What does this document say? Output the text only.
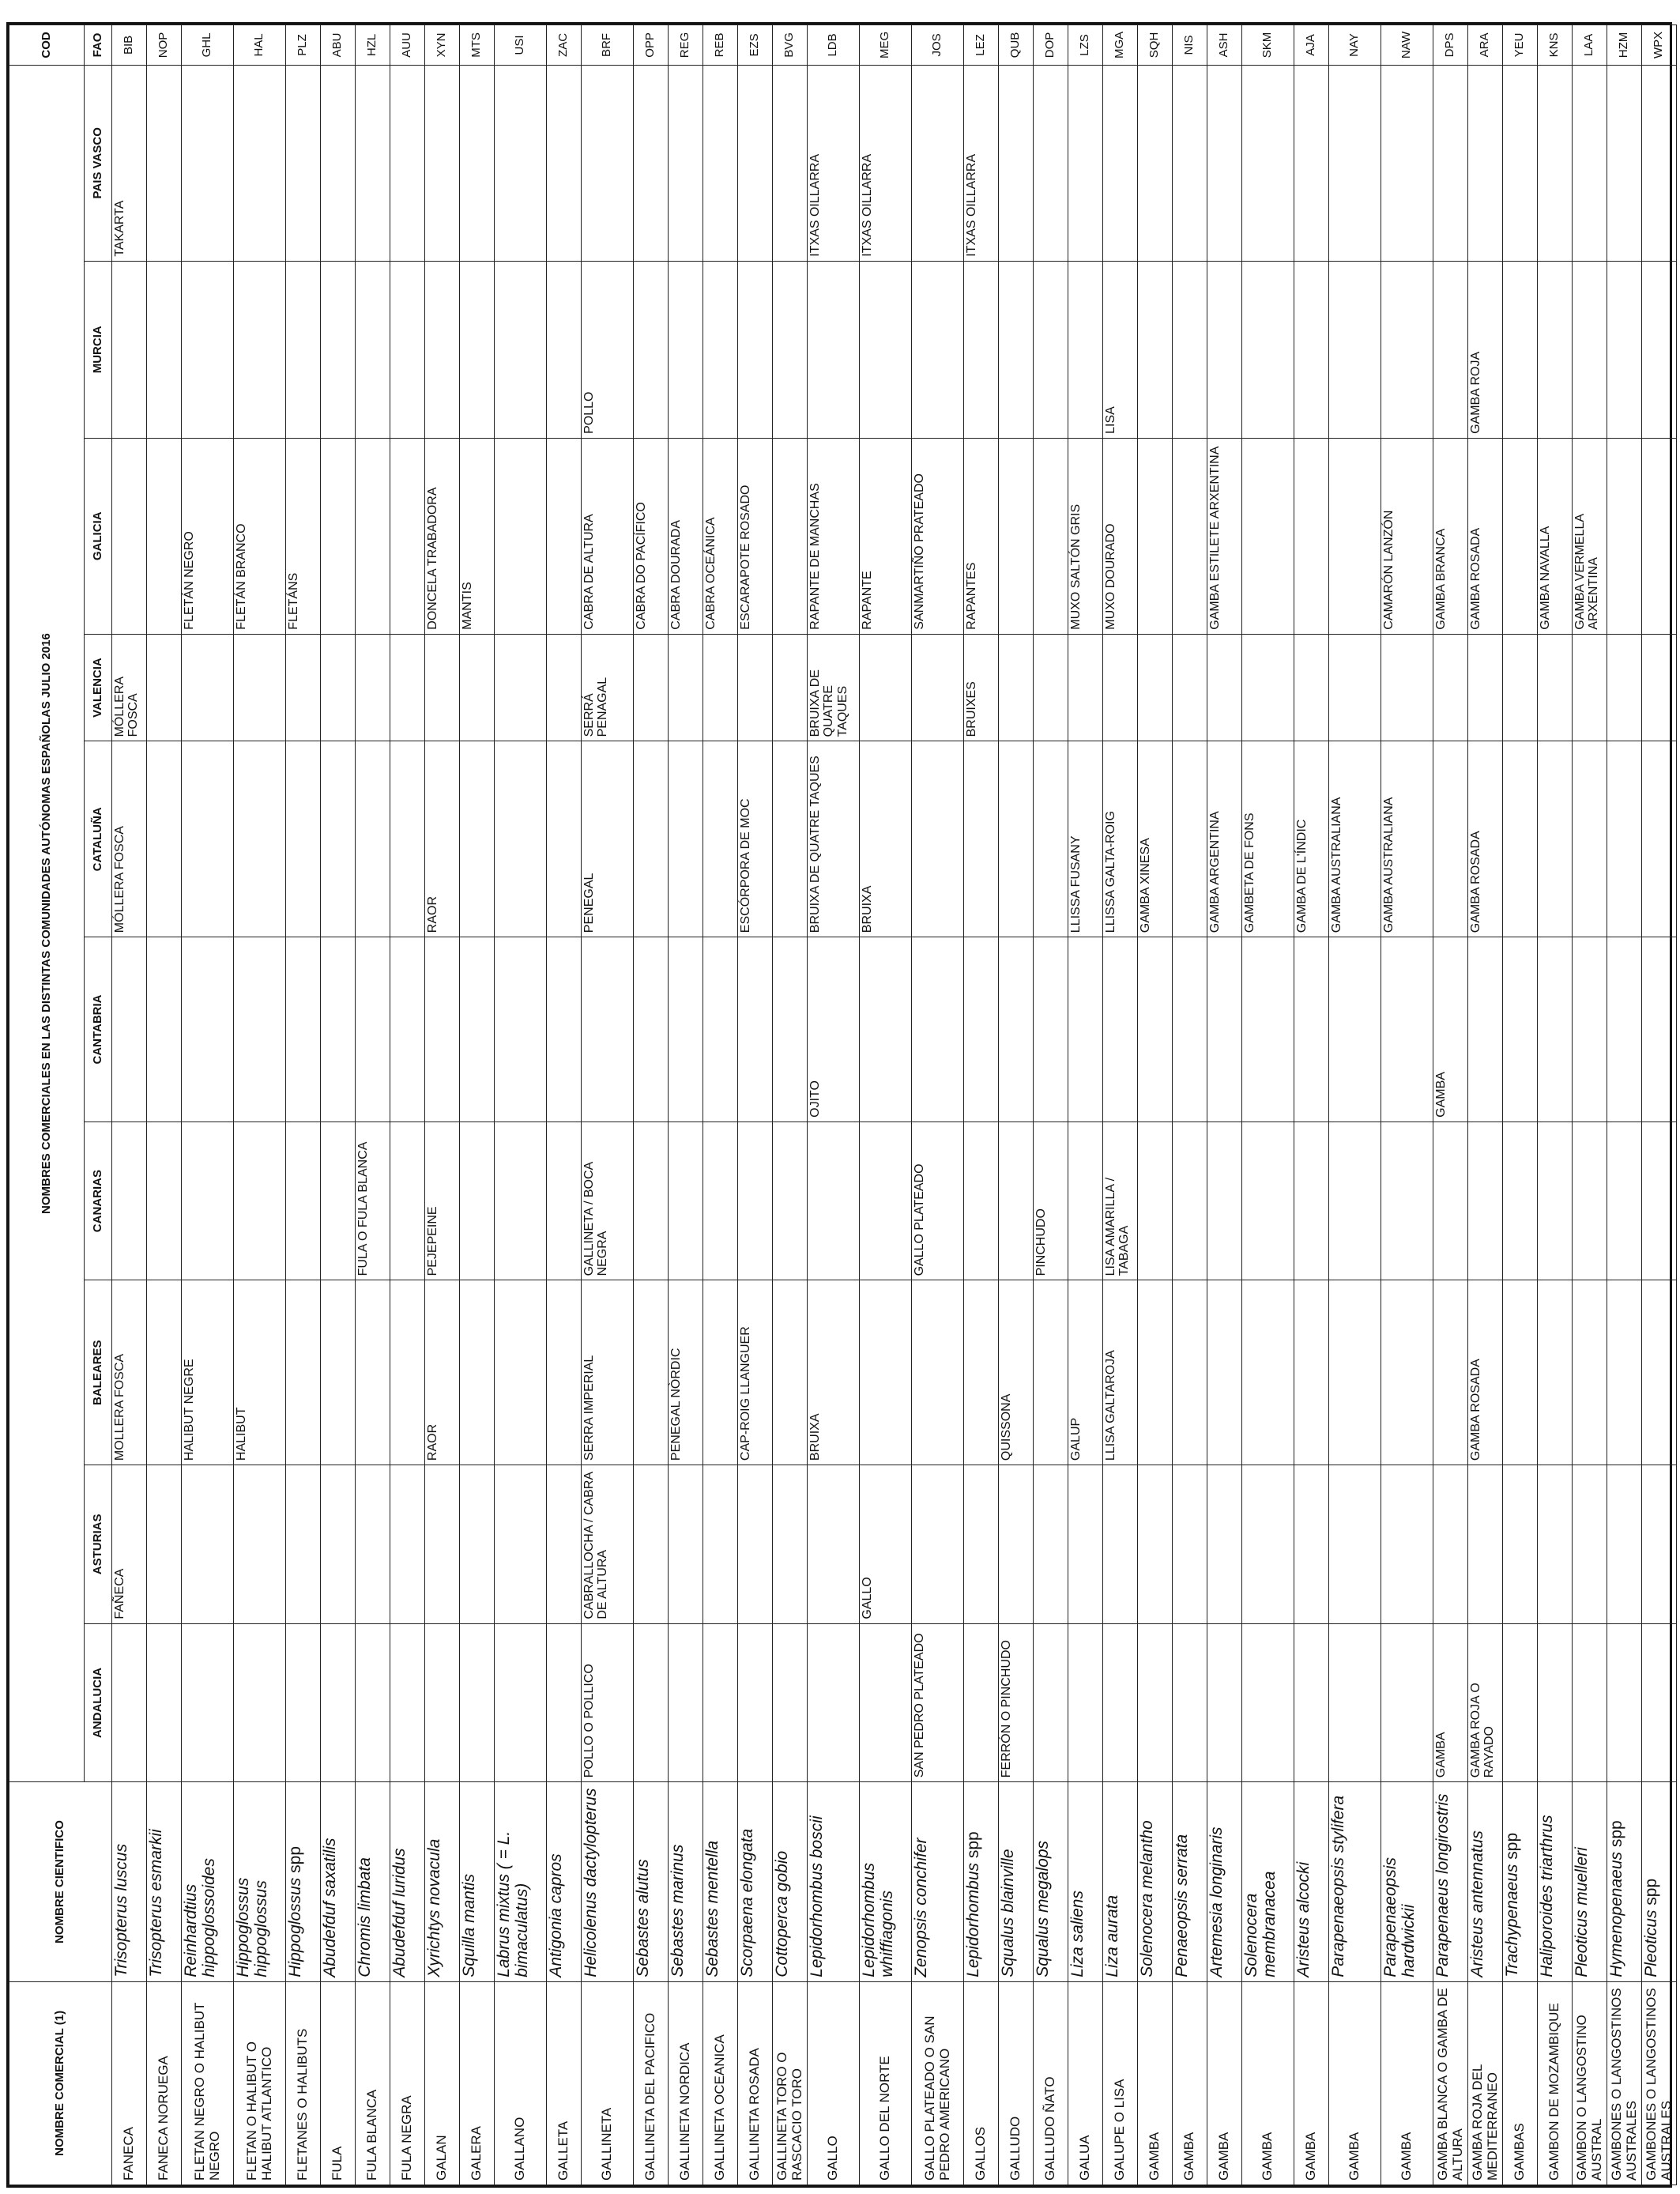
NOMBRE COMERCIAL (1)	NOMBRE CIENTIFICO	NOMBRES COMERCIALES EN LAS DISTINTAS COMUNIDADES AUTÓNOMAS ESPAÑOLAS JULIO 2016										COD
		ANDALUCIA	ASTURIAS	BALEARES	CANARIAS	CANTABRIA	CATALUÑA	VALENCIA	GALICIA	MURCIA	PAIS VASCO	FAO
FANECA	Trisopterus luscus		FAÑECA	MOLLERA FOSCA			MÓLLERA FOSCA	MÓLLERA FOSCA			TAKARTA	BIB
FANECA NORUEGA	Trisopterus esmarkii											NOP
FLETAN NEGRO O HALIBUT NEGRO	Reinhardtius hippoglossoides			HALIBUT NEGRE					FLETÁN NEGRO			GHL
FLETAN O HALIBUT O HALIBUT ATLANTICO	Hippoglossus hippoglossus			HALIBUT					FLETÁN BRANCO			HAL
FLETANES O HALIBUTS	Hippoglossus spp								FLETÁNS			PLZ
FULA	Abudefduf saxatilis											ABU
FULA BLANCA	Chromis limbata				FULA O FULA BLANCA							HZL
FULA NEGRA	Abudefduf luridus											AUU
GALAN	Xyrichtys novacula			RAOR	PEJEPEINE		RAOR		DONCELA TRABADORA			XYN
GALERA	Squilla mantis								MANTIS			MTS
GALLANO	Labrus mixtus ( = L. bimaculatus)											USI
GALLETA	Antigonia capros											ZAC
GALLINETA	Helicolenus dactylopterus	POLLO O POLLICO	CABRALLOCHA / CABRA DE ALTURA	SERRA IMPERIAL	GALLINETA / BOCA NEGRA		PENEGAL	SERRÁ PENAGAL	CABRA DE ALTURA	POLLO		BRF
GALLINETA DEL PACIFICO	Sebastes alutus								CABRA DO PACÍFICO			OPP
GALLINETA NORDICA	Sebastes marinus			PENEGAL NÒRDIC					CABRA DOURADA			REG
GALLINETA OCEANICA	Sebastes mentella								CABRA OCEÁNICA			REB
GALLINETA ROSADA	Scorpaena elongata			CAP-ROIG LLANGUER			ESCÓRPORA DE MOC		ESCARAPOTE ROSADO			EZS
GALLINETA TORO O RASCACIO TORO	Cottoperca gobio											BVG
GALLO	Lepidorhombus boscii			BRUIXA		OJITO	BRUIXA DE QUATRE TAQUES	BRUIXA DE QUATRE TAQUES	RAPANTE DE MANCHAS		ITXAS OILLARRA	LDB
GALLO DEL NORTE	Lepidorhombus whiffiagonis		GALLO				BRUIXA		RAPANTE		ITXAS OILLARRA	MEG
GALLO PLATEADO O SAN PEDRO AMERICANO	Zenopsis conchifer	SAN PEDRO PLATEADO			GALLO PLATEADO				SANMARTIÑO PRATEADO			JOS
GALLOS	Lepidorhombus spp							BRUIXES	RAPANTES		ITXAS OILLARRA	LEZ
GALLUDO	Squalus blainville	FERRÓN O PINCHUDO		QUISSONA								QUB
GALLUDO ÑATO	Squalus megalops				PINCHUDO							DOP
GALUA	Liza saliens			GALUP			LLISSA FUSANY		MUXO SALTÓN GRIS			LZS
GALUPE O LISA	Liza aurata			LLISA GALTAROJA	LISA AMARILLA / TABAGA		LLISSA GALTA-ROIG		MUXO DOURADO	LISA		MGA
GAMBA	Solenocera melantho						GAMBA XINESA					SQH
GAMBA	Penaeopsis serrata											NIS
GAMBA	Artemesia longinaris						GAMBA ARGENTINA		GAMBA ESTILETE ARXENTINA			ASH
GAMBA	Solenocera membranacea						GAMBETA DE FONS					SKM
GAMBA	Aristeus alcocki						GAMBA DE L'ÍNDIC					AJA
GAMBA	Parapenaeopsis stylifera						GAMBA AUSTRALIANA					NAY
GAMBA	Parapenaeopsis hardwickii						GAMBA AUSTRALIANA		CAMARÓN LANZÓN			NAW
GAMBA BLANCA O GAMBA DE ALTURA	Parapenaeus longirostris	GAMBA				GAMBA			GAMBA BRANCA			DPS
GAMBA ROJA DEL MEDITERRANEO	Aristeus antennatus	GAMBA ROJA O RAYADO		GAMBA ROSADA			GAMBA ROSADA		GAMBA ROSADA	GAMBA ROJA		ARA
GAMBAS	Trachypenaeus spp											YEU
GAMBON DE MOZAMBIQUE	Haliporoides triarthrus								GAMBA NAVALLA			KNS
GAMBON O LANGOSTINO AUSTRAL	Pleoticus muelleri								GAMBA VERMELLA ARXENTINA			LAA
GAMBONES O LANGOSTINOS AUSTRALES	Hymenopenaeus spp											HZM
GAMBONES O LANGOSTINOS AUSTRALES	Pleoticus spp											WPX
